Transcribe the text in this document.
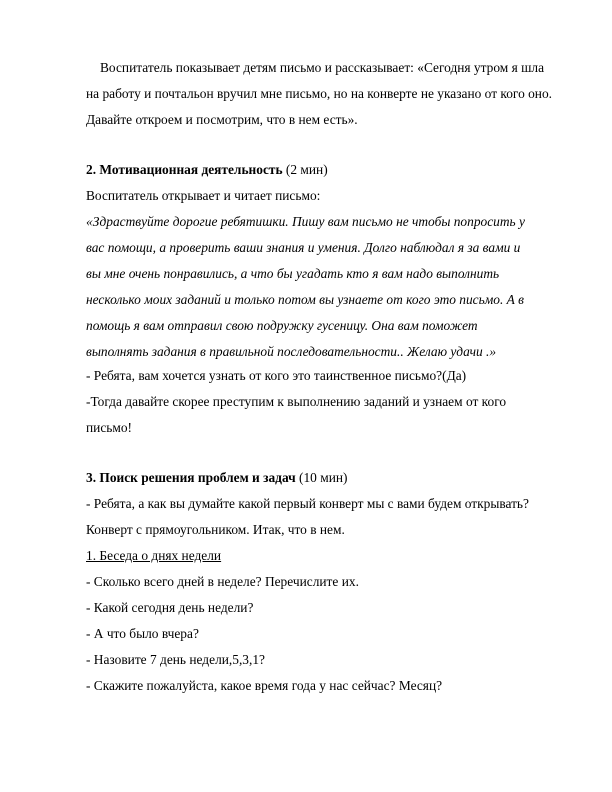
Воспитатель показывает детям письмо и рассказывает: «Сегодня утром я шла
на работу и почтальон вручил мне письмо, но на конверте не указано от кого оно.
Давайте откроем и посмотрим, что в нем есть».
2. Мотивационная деятельность (2 мин)
Воспитатель открывает и читает письмо:
«Здраствуйте дорогие ребятишки. Пишу вам письмо не чтобы попросить у
вас помощи, а проверить ваши знания и умения. Долго наблюдал я за вами и
вы мне очень понравились, а что бы угадать кто я вам надо выполнить
несколько моих заданий и только потом вы узнаете от кого это письмо. А в
помощь я вам отправил свою подружку гусеницу. Она вам поможет
выполнять задания в правильной последовательности.. Желаю удачи .»
- Ребята, вам хочется узнать от кого это таинственное письмо?(Да)
-Тогда давайте скорее преступим к выполнению заданий и узнаем от кого
письмо!
3. Поиск решения проблем и задач (10 мин)
- Ребята, а как вы думайте какой первый конверт мы с вами будем открывать?
Конверт с прямоугольником. Итак, что в нем.
1. Беседа о днях недели
- Сколько всего дней в неделе? Перечислите их.
- Какой сегодня день недели?
- А что было вчера?
- Назовите 7 день недели,5,3,1?
- Скажите пожалуйста, какое время года у нас сейчас? Месяц?
